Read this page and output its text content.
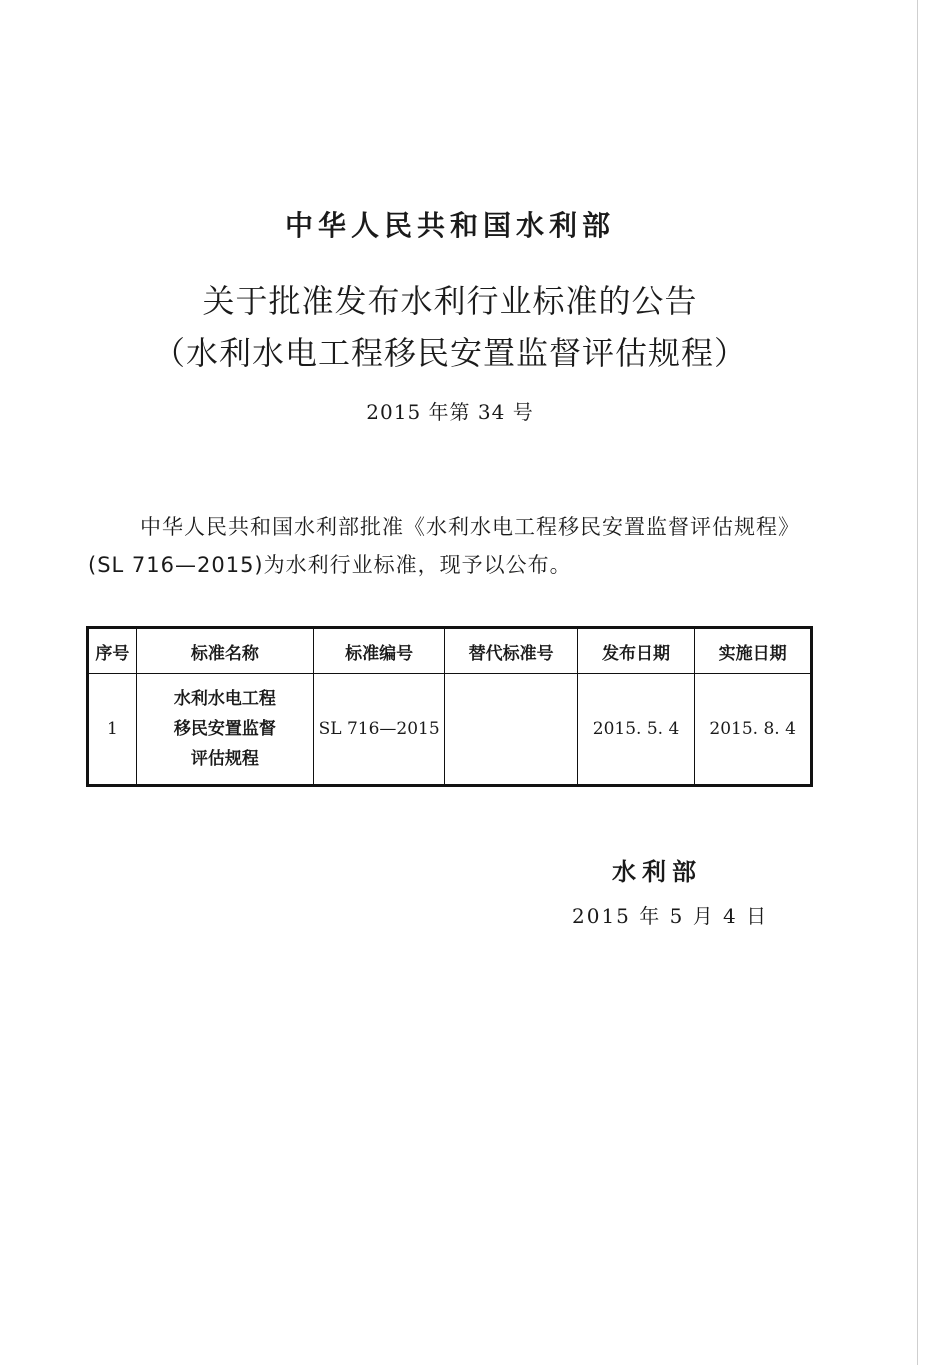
中华人民共和国水利部
关于批准发布水利行业标准的公告
（水利水电工程移民安置监督评估规程）
2015 年第 34 号
中华人民共和国水利部批准《水利水电工程移民安置监督评估规程》(SL 716—2015)为水利行业标准，现予以公布。
序号	标准名称	标准编号	替代标准号	发布日期	实施日期
1	水利水电工程
移民安置监督
评估规程	SL 716—2015		2015. 5. 4	2015. 8. 4
水利部
2015 年 5 月 4 日
